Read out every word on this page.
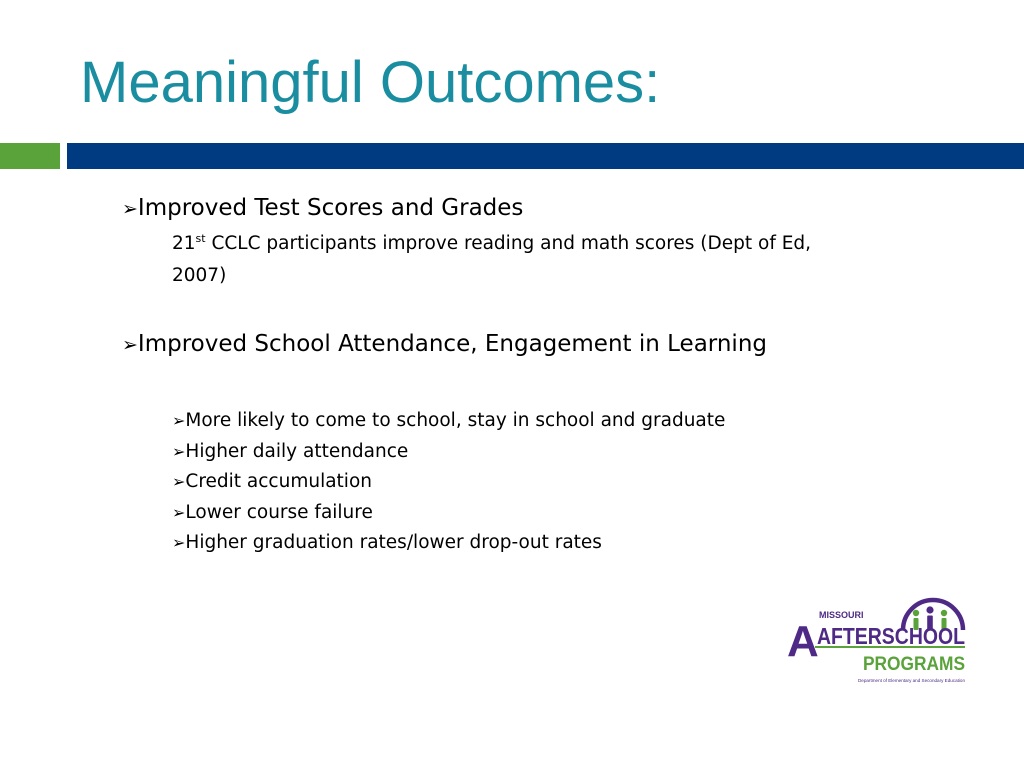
Meaningful Outcomes:

➢Improved Test Scores and Grades

21st CCLC participants improve reading and math scores (Dept of Ed, 2007)

➢Improved School Attendance, Engagement in Learning

➢More likely to come to school, stay in school and graduate
➢Higher daily attendance
➢Credit accumulation
➢Lower course failure
➢Higher graduation rates/lower drop-out rates
MISSOURI
A
AFTERSCHOOL
PROGRAMS
Department of Elementary and Secondary Education
